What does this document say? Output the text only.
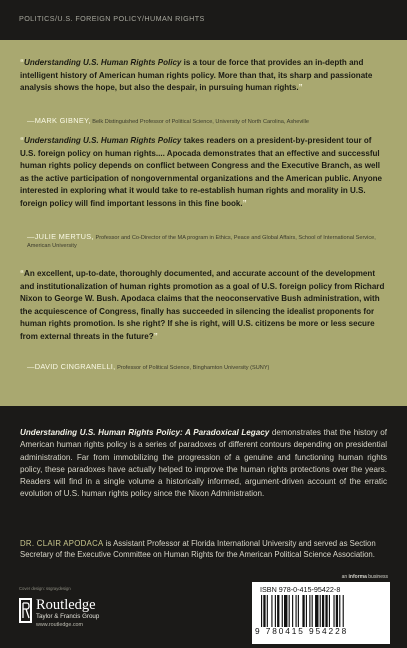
POLITICS/U.S. FOREIGN POLICY/HUMAN RIGHTS

“Understanding U.S. Human Rights Policy is a tour de force that provides an in-depth and intelligent history of American human rights policy. More than that, its sharp and passionate analysis shows the hope, but also the despair, in pursuing human rights.”

—MARK GIBNEY, Belk Distinguished Professor of Political Science, University of North Carolina, Asheville

“Understanding U.S. Human Rights Policy takes readers on a president-by-president tour of U.S. foreign policy on human rights.... Apocada demonstrates that an effective and successful human rights policy depends on conflict between Congress and the Executive Branch, as well as the active participation of nongovernmental organizations and the American public. Anyone interested in exploring what it would take to re-establish human rights and morality in U.S. foreign policy will find important lessons in this fine book.”

—JULIE MERTUS, Professor and Co-Director of the MA program in Ethics, Peace and Global Affairs, School of International Service, American University

“An excellent, up-to-date, thoroughly documented, and accurate account of the development and institutionalization of human rights promotion as a goal of U.S. foreign policy from Richard Nixon to George W. Bush. Apodaca claims that the neoconservative Bush administration, with the acquiescence of Congress, finally has succeeded in silencing the idealist proponents for human rights promotion. Is she right? If she is right, will U.S. citizens be more or less secure from external threats in the future?”

—DAVID CINGRANELLI, Professor of Political Science, Binghamton University (SUNY)

Understanding U.S. Human Rights Policy: A Paradoxical Legacy demonstrates that the history of American human rights policy is a series of paradoxes of different contours depending on presidential administration. Far from immobilizing the progression of a genuine and functioning human rights policy, these paradoxes have actually helped to improve the human rights protections over the years. Readers will find in a single volume a historically informed, argument-driven account of the erratic evolution of U.S. human rights policy since the Nixon Administration.

DR. CLAIR APODACA is Assistant Professor at Florida International University and served as Section Secretary of the Executive Committee on Human Rights for the American Political Science Association.

Cover design: ssgraydesign
Routledge
Taylor & Francis Group
www.routledge.com
an informa business
ISBN 978-0-415-95422-8
9 780415 954228
